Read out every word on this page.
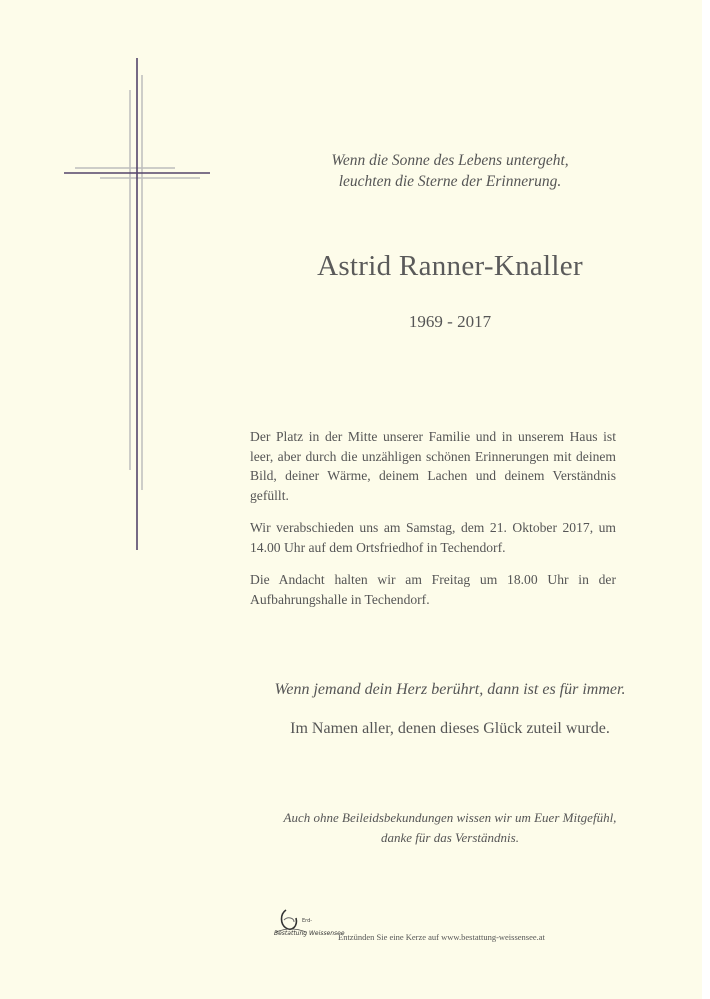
Wenn die Sonne des Lebens untergeht,
leuchten die Sterne der Erinnerung.
Astrid Ranner-Knaller
1969 - 2017

Der Platz in der Mitte unserer Familie und in unserem Haus ist leer, aber durch die unzähligen schönen Erinnerungen mit deinem Bild, deiner Wärme, deinem Lachen und deinem Verständnis gefüllt.

Wir verabschieden uns am Samstag, dem 21. Oktober 2017, um 14.00 Uhr auf dem Ortsfriedhof in Techendorf.

Die Andacht halten wir am Freitag um 18.00 Uhr in der Aufbahrungshalle in Techendorf.

Wenn jemand dein Herz berührt, dann ist es für immer.
Im Namen aller, denen dieses Glück zuteil wurde.
Auch ohne Beileidsbekundungen wissen wir um Euer Mitgefühl,
danke für das Verständnis.
Erd-
Bestattung Weissensee
Entzünden Sie eine Kerze auf www.bestattung-weissensee.at
